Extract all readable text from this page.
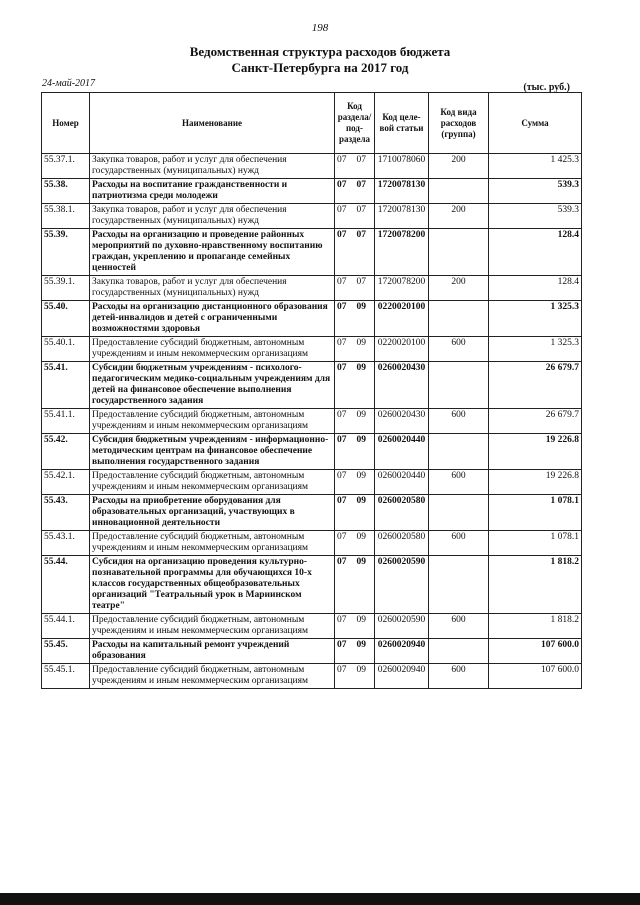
198
Ведомственная структура расходов бюджета
Санкт-Петербурга на 2017 год
24-май-2017	(тыс. руб.)
Номер	Наименование	Код раздела/ под- раздела	Код целе- вой статьи	Код вида расходов (группа)	Сумма
55.37.1.	Закупка товаров, работ и услуг для обеспечения государственных (муниципальных) нужд	07 07	1710078060	200	1 425.3
55.38.	Расходы на воспитание гражданственности и патриотизма среди молодежи	07 07	1720078130		539.3
55.38.1.	Закупка товаров, работ и услуг для обеспечения государственных (муниципальных) нужд	07 07	1720078130	200	539.3
55.39.	Расходы на организацию и проведение районных мероприятий по духовно-нравственному воспитанию граждан, укреплению и пропаганде семейных ценностей	07 07	1720078200		128.4
55.39.1.	Закупка товаров, работ и услуг для обеспечения государственных (муниципальных) нужд	07 07	1720078200	200	128.4
55.40.	Расходы на организацию дистанционного образования детей-инвалидов и детей с ограниченными возможностями здоровья	07 09	0220020100		1 325.3
55.40.1.	Предоставление субсидий бюджетным, автономным учреждениям и иным некоммерческим организациям	07 09	0220020100	600	1 325.3
55.41.	Субсидии бюджетным учреждениям - психолого-педагогическим медико-социальным учреждениям для детей на финансовое обеспечение выполнения государственного задания	07 09	0260020430		26 679.7
55.41.1.	Предоставление субсидий бюджетным, автономным учреждениям и иным некоммерческим организациям	07 09	0260020430	600	26 679.7
55.42.	Субсидия бюджетным учреждениям - информационно-методическим центрам на финансовое обеспечение выполнения государственного задания	07 09	0260020440		19 226.8
55.42.1.	Предоставление субсидий бюджетным, автономным учреждениям и иным некоммерческим организациям	07 09	0260020440	600	19 226.8
55.43.	Расходы на приобретение оборудования для образовательных организаций, участвующих в инновационной деятельности	07 09	0260020580		1 078.1
55.43.1.	Предоставление субсидий бюджетным, автономным учреждениям и иным некоммерческим организациям	07 09	0260020580	600	1 078.1
55.44.	Субсидия на организацию проведения культурно-познавательной программы для обучающихся 10-х классов государственных общеобразовательных организаций "Театральный урок в Мариинском театре"	07 09	0260020590		1 818.2
55.44.1.	Предоставление субсидий бюджетным, автономным учреждениям и иным некоммерческим организациям	07 09	0260020590	600	1 818.2
55.45.	Расходы на капитальный ремонт учреждений образования	07 09	0260020940		107 600.0
55.45.1.	Предоставление субсидий бюджетным, автономным учреждениям и иным некоммерческим организациям	07 09	0260020940	600	107 600.0
